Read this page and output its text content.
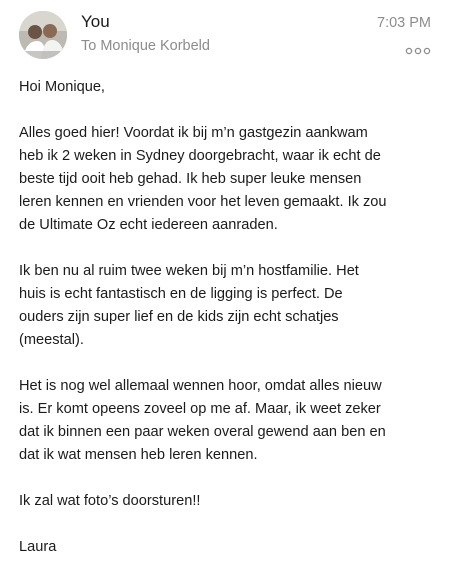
You
To Monique Korbeld
7:03 PM

Hoi Monique,

Alles goed hier! Voordat ik bij m’n gastgezin aankwam
heb ik 2 weken in Sydney doorgebracht, waar ik echt de
beste tijd ooit heb gehad. Ik heb super leuke mensen
leren kennen en vrienden voor het leven gemaakt. Ik zou
de Ultimate Oz echt iedereen aanraden.

Ik ben nu al ruim twee weken bij m’n hostfamilie. Het
huis is echt fantastisch en de ligging is perfect. De
ouders zijn super lief en de kids zijn echt schatjes
(meestal).

Het is nog wel allemaal wennen hoor, omdat alles nieuw
is. Er komt opeens zoveel op me af. Maar, ik weet zeker
dat ik binnen een paar weken overal gewend aan ben en
dat ik wat mensen heb leren kennen.

Ik zal wat foto’s doorsturen!!

Laura
